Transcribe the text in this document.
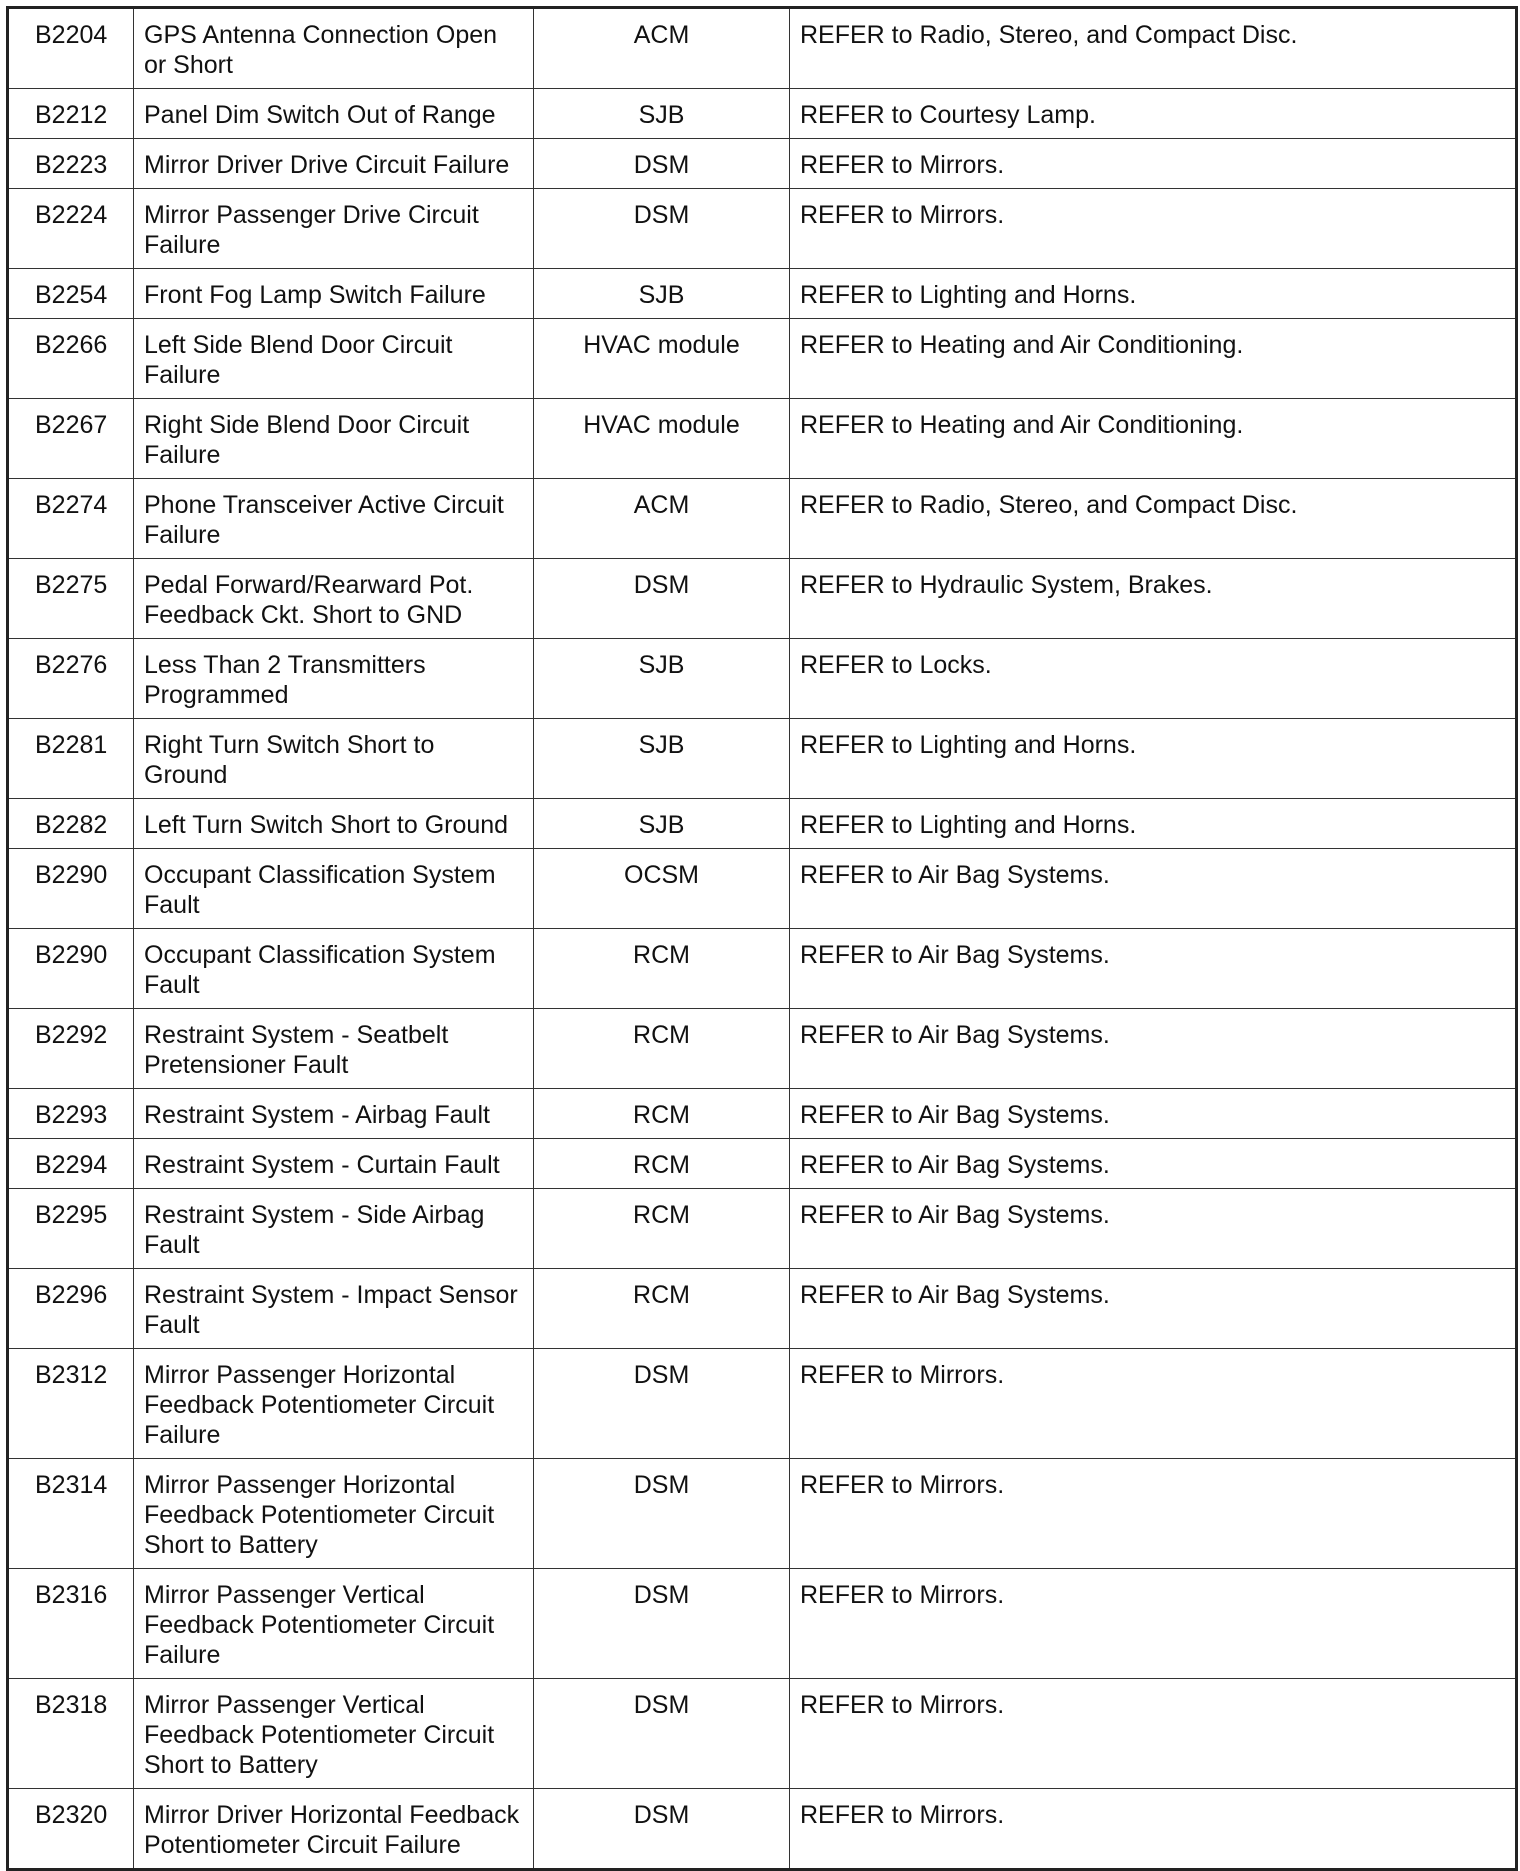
B2204	GPS Antenna Connection Open or Short	ACM	REFER to Radio, Stereo, and Compact Disc.
B2212	Panel Dim Switch Out of Range	SJB	REFER to Courtesy Lamp.
B2223	Mirror Driver Drive Circuit Failure	DSM	REFER to Mirrors.
B2224	Mirror Passenger Drive Circuit Failure	DSM	REFER to Mirrors.
B2254	Front Fog Lamp Switch Failure	SJB	REFER to Lighting and Horns.
B2266	Left Side Blend Door Circuit Failure	HVAC module	REFER to Heating and Air Conditioning.
B2267	Right Side Blend Door Circuit Failure	HVAC module	REFER to Heating and Air Conditioning.
B2274	Phone Transceiver Active Circuit Failure	ACM	REFER to Radio, Stereo, and Compact Disc.
B2275	Pedal Forward/Rearward Pot. Feedback Ckt. Short to GND	DSM	REFER to Hydraulic System, Brakes.
B2276	Less Than 2 Transmitters Programmed	SJB	REFER to Locks.
B2281	Right Turn Switch Short to Ground	SJB	REFER to Lighting and Horns.
B2282	Left Turn Switch Short to Ground	SJB	REFER to Lighting and Horns.
B2290	Occupant Classification System Fault	OCSM	REFER to Air Bag Systems.
B2290	Occupant Classification System Fault	RCM	REFER to Air Bag Systems.
B2292	Restraint System - Seatbelt Pretensioner Fault	RCM	REFER to Air Bag Systems.
B2293	Restraint System - Airbag Fault	RCM	REFER to Air Bag Systems.
B2294	Restraint System - Curtain Fault	RCM	REFER to Air Bag Systems.
B2295	Restraint System - Side Airbag Fault	RCM	REFER to Air Bag Systems.
B2296	Restraint System - Impact Sensor Fault	RCM	REFER to Air Bag Systems.
B2312	Mirror Passenger Horizontal Feedback Potentiometer Circuit Failure	DSM	REFER to Mirrors.
B2314	Mirror Passenger Horizontal Feedback Potentiometer Circuit Short to Battery	DSM	REFER to Mirrors.
B2316	Mirror Passenger Vertical Feedback Potentiometer Circuit Failure	DSM	REFER to Mirrors.
B2318	Mirror Passenger Vertical Feedback Potentiometer Circuit Short to Battery	DSM	REFER to Mirrors.
B2320	Mirror Driver Horizontal Feedback Potentiometer Circuit Failure	DSM	REFER to Mirrors.
